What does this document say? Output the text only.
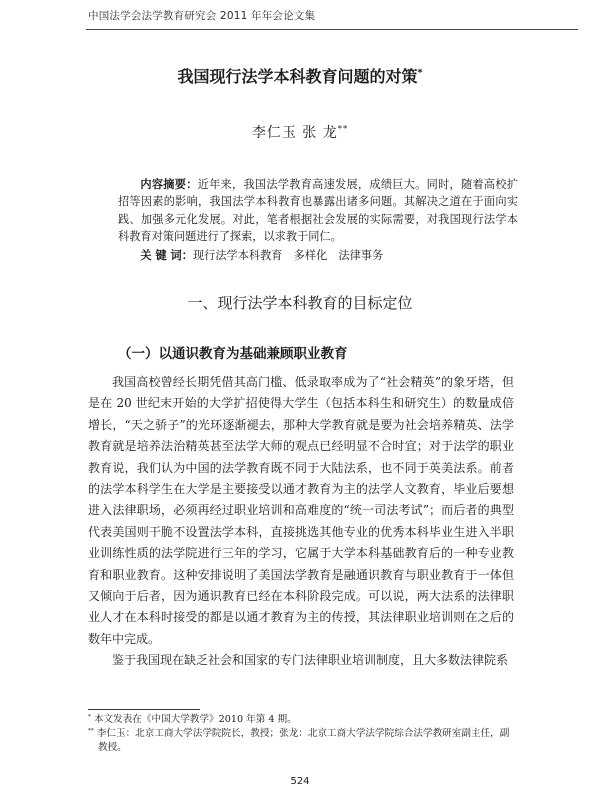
中国法学会法学教育研究会 2011 年年会论文集
我国现行法学本科教育问题的对策*
李仁玉 张 龙**
内容摘要：近年来，我国法学教育高速发展，成绩巨大。同时，随着高校扩招等因素的影响，我国法学本科教育也暴露出诸多问题。其解决之道在于面向实践、加强多元化发展。对此，笔者根据社会发展的实际需要，对我国现行法学本科教育对策问题进行了探索，以求教于同仁。
关 键 词：现行法学本科教育　多样化　法律事务
一、现行法学本科教育的目标定位
（一）以通识教育为基础兼顾职业教育

我国高校曾经长期凭借其高门槛、低录取率成为了“社会精英”的象牙塔，但是在 20 世纪末开始的大学扩招使得大学生（包括本科生和研究生）的数量成倍增长，“天之骄子”的光环逐渐褪去，那种大学教育就是要为社会培养精英、法学教育就是培养法治精英甚至法学大师的观点已经明显不合时宜；对于法学的职业教育说，我们认为中国的法学教育既不同于大陆法系，也不同于英美法系。前者的法学本科学生在大学是主要接受以通才教育为主的法学人文教育，毕业后要想进入法律职场，必须再经过职业培训和高难度的“统一司法考试”；而后者的典型代表美国则干脆不设置法学本科，直接挑选其他专业的优秀本科毕业生进入半职业训练性质的法学院进行三年的学习，它属于大学本科基础教育后的一种专业教育和职业教育。这种安排说明了美国法学教育是融通识教育与职业教育于一体但又倾向于后者，因为通识教育已经在本科阶段完成。可以说，两大法系的法律职业人才在本科时接受的都是以通才教育为主的传授，其法律职业培训则在之后的数年中完成。

鉴于我国现在缺乏社会和国家的专门法律职业培训制度，且大多数法律院系

* 本文发表在《中国大学教学》2010 年第 4 期。
** 李仁玉：北京工商大学法学院院长，教授；张龙：北京工商大学法学院综合法学教研室副主任，副教授。
524
